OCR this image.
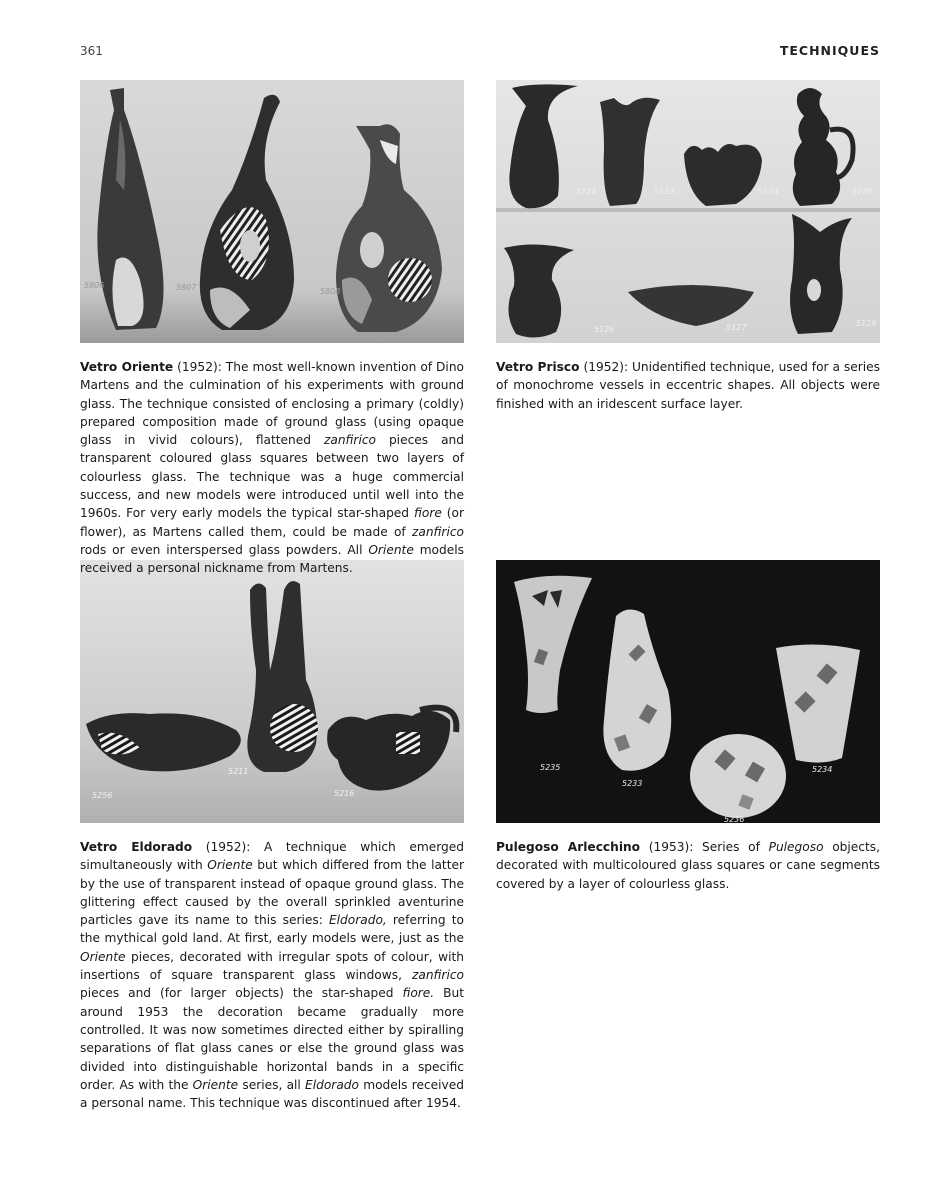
361	TECHNIQUES
5806	5807	5808
5122	5123	5124	5125
5126	5127	5128
5256
5211
5216
5235
5233
5236
5234

Vetro Oriente (1952): The most well-known invention of Dino Martens and the culmination of his experiments with ground glass. The technique consisted of enclosing a primary (coldly) prepared composition made of ground glass (using opaque glass in vivid colours), flattened zanfirico pieces and transparent coloured glass squares between two layers of colourless glass. The technique was a huge commercial success, and new models were introduced until well into the 1960s. For very early models the typical star-shaped fiore (or flower), as Martens called them, could be made of zanfirico rods or even interspersed glass powders. All Oriente models received a personal nickname from Martens.

Vetro Prisco (1952): Unidentified technique, used for a series of monochrome vessels in eccentric shapes. All objects were finished with an iridescent surface layer.

Vetro Eldorado (1952): A technique which emerged simultaneously with Oriente but which differed from the latter by the use of transparent instead of opaque ground glass. The glittering effect caused by the overall sprinkled aventurine particles gave its name to this series: Eldorado, referring to the mythical gold land. At first, early models were, just as the Oriente pieces, decorated with irregular spots of colour, with insertions of square transparent glass windows, zanfirico pieces and (for larger objects) the star-shaped fiore. But around 1953 the decoration became gradually more controlled. It was now sometimes directed either by spiralling separations of flat glass canes or else the ground glass was divided into distinguishable horizontal bands in a specific order. As with the Oriente series, all Eldorado models received a personal name. This technique was discontinued after 1954.

Pulegoso Arlecchino (1953): Series of Pulegoso objects, decorated with multicoloured glass squares or cane segments covered by a layer of colourless glass.
